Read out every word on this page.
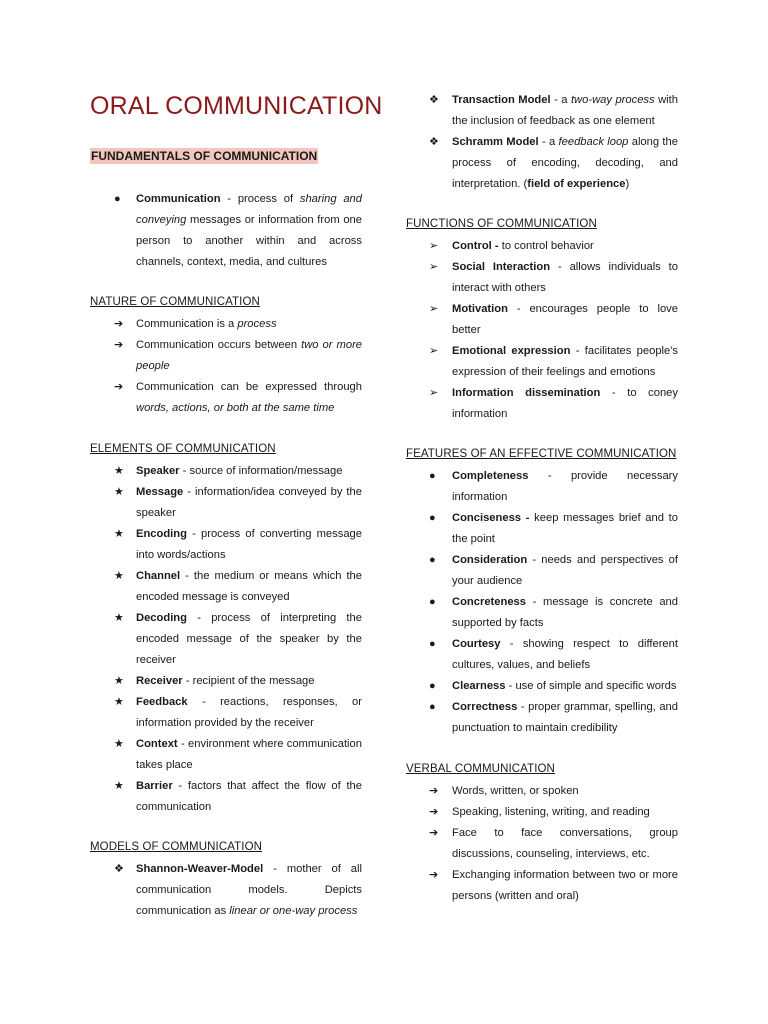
ORAL COMMUNICATION
FUNDAMENTALS OF COMMUNICATION
●	Communication - process of sharing and conveying messages or information from one person to another within and across channels, context, media, and cultures
NATURE OF COMMUNICATION
➔	Communication is a process
➔	Communication occurs between two or more people
➔	Communication can be expressed through words, actions, or both at the same time
ELEMENTS OF COMMUNICATION
★	Speaker - source of information/message
★	Message - information/idea conveyed by the speaker
★	Encoding - process of converting message into words/actions
★	Channel - the medium or means which the encoded message is conveyed
★	Decoding - process of interpreting the encoded message of the speaker by the receiver
★	Receiver - recipient of the message
★	Feedback - reactions, responses, or information provided by the receiver
★	Context - environment where communication takes place
★	Barrier - factors that affect the flow of the communication
MODELS OF COMMUNICATION
❖	Shannon-Weaver-Model - mother of all communication models. Depicts communication as linear or one-way process
❖	Transaction Model - a two-way process with the inclusion of feedback as one element
❖	Schramm Model - a feedback loop along the process of encoding, decoding, and interpretation. (field of experience)
FUNCTIONS OF COMMUNICATION
➢	Control - to control behavior
➢	Social Interaction - allows individuals to interact with others
➢	Motivation - encourages people to love better
➢	Emotional expression - facilitates people's expression of their feelings and emotions
➢	Information dissemination - to coney information
FEATURES OF AN EFFECTIVE COMMUNICATION
●	Completeness - provide necessary information
●	Conciseness - keep messages brief and to the point
●	Consideration - needs and perspectives of your audience
●	Concreteness - message is concrete and supported by facts
●	Courtesy - showing respect to different cultures, values, and beliefs
●	Clearness - use of simple and specific words
●	Correctness - proper grammar, spelling, and punctuation to maintain credibility
VERBAL COMMUNICATION
➔	Words, written, or spoken
➔	Speaking, listening, writing, and reading
➔	Face to face conversations, group discussions, counseling, interviews, etc.
➔	Exchanging information between two or more persons (written and oral)
